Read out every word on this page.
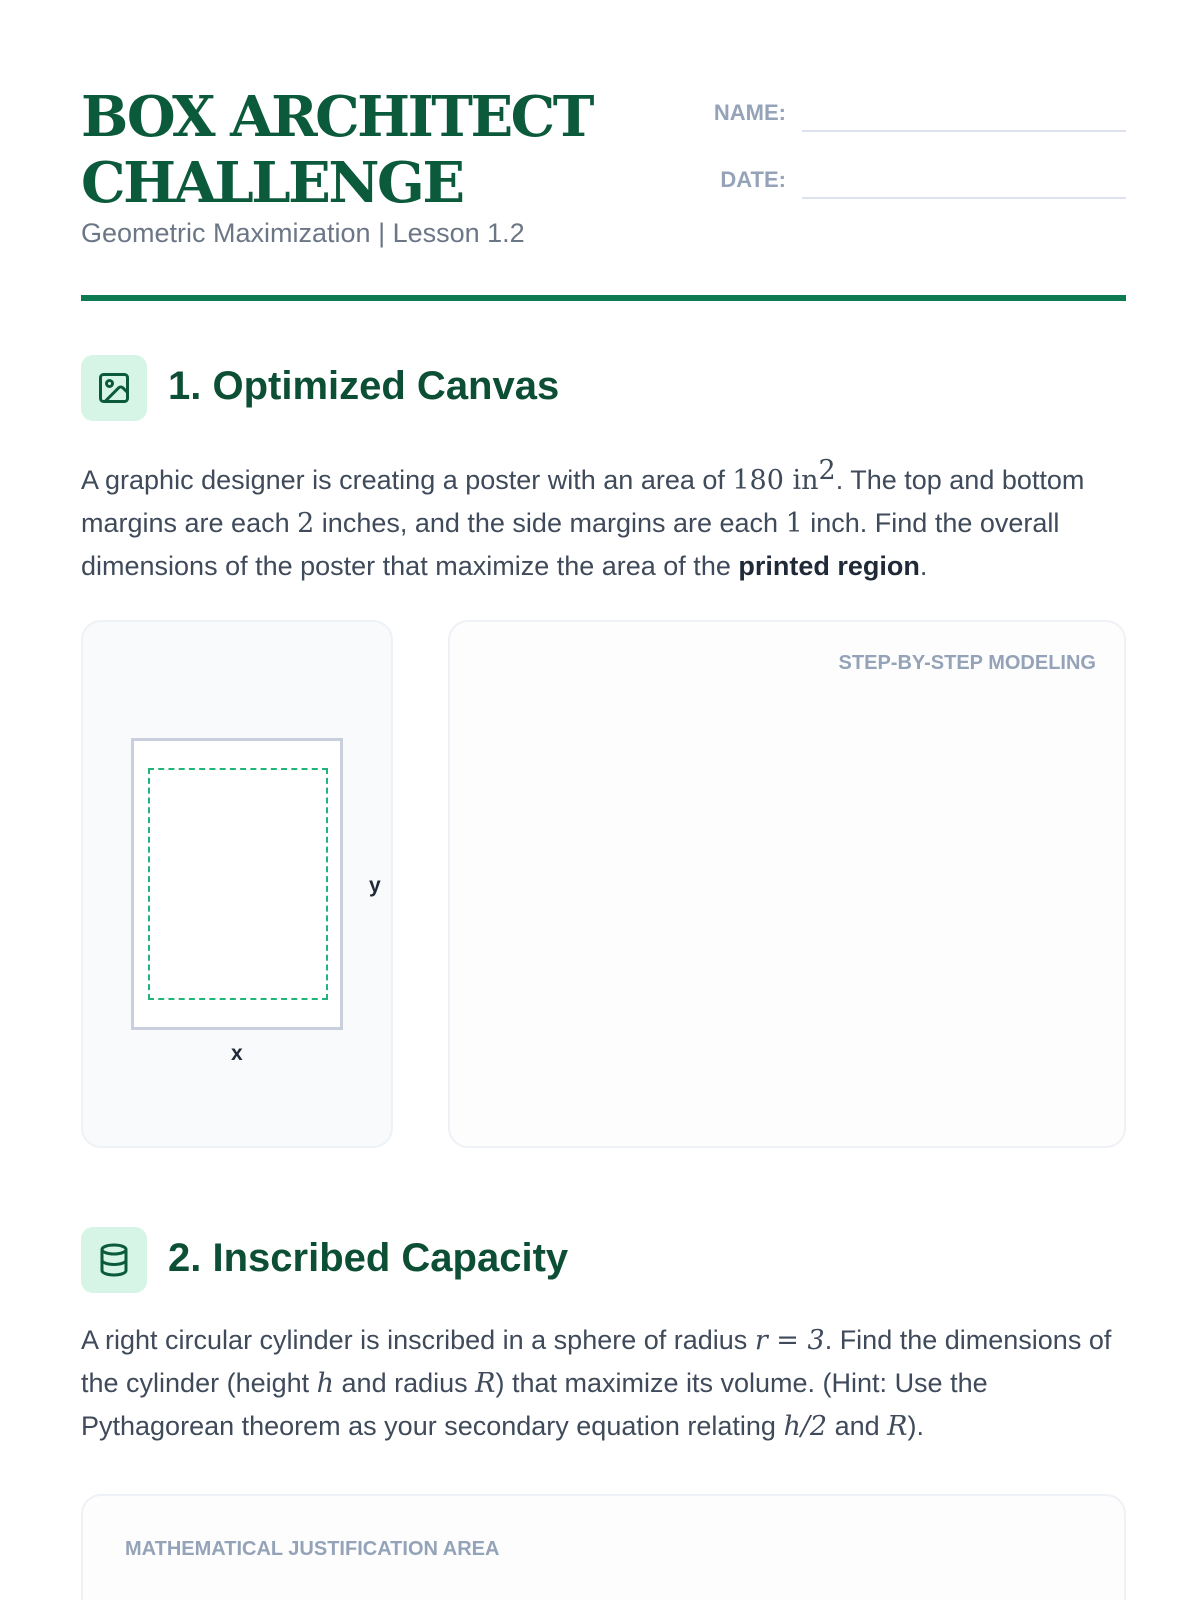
BOX ARCHITECT
CHALLENGE
Geometric Maximization | Lesson 1.2
NAME:
DATE:
1. Optimized Canvas

A graphic designer is creating a poster with an area of 180 $in^2$. The top and bottom margins are each 2 inches, and the side margins are each 1 inch. Find the overall dimensions of the poster that maximize the area of the printed region.

y
x
STEP-BY-STEP MODELING
2. Inscribed Capacity

A right circular cylinder is inscribed in a sphere of radius r = 3. Find the dimensions of the cylinder (height h and radius R) that maximize its volume. (Hint: Use the Pythagorean theorem as your secondary equation relating h/2 and R).

MATHEMATICAL JUSTIFICATION AREA
